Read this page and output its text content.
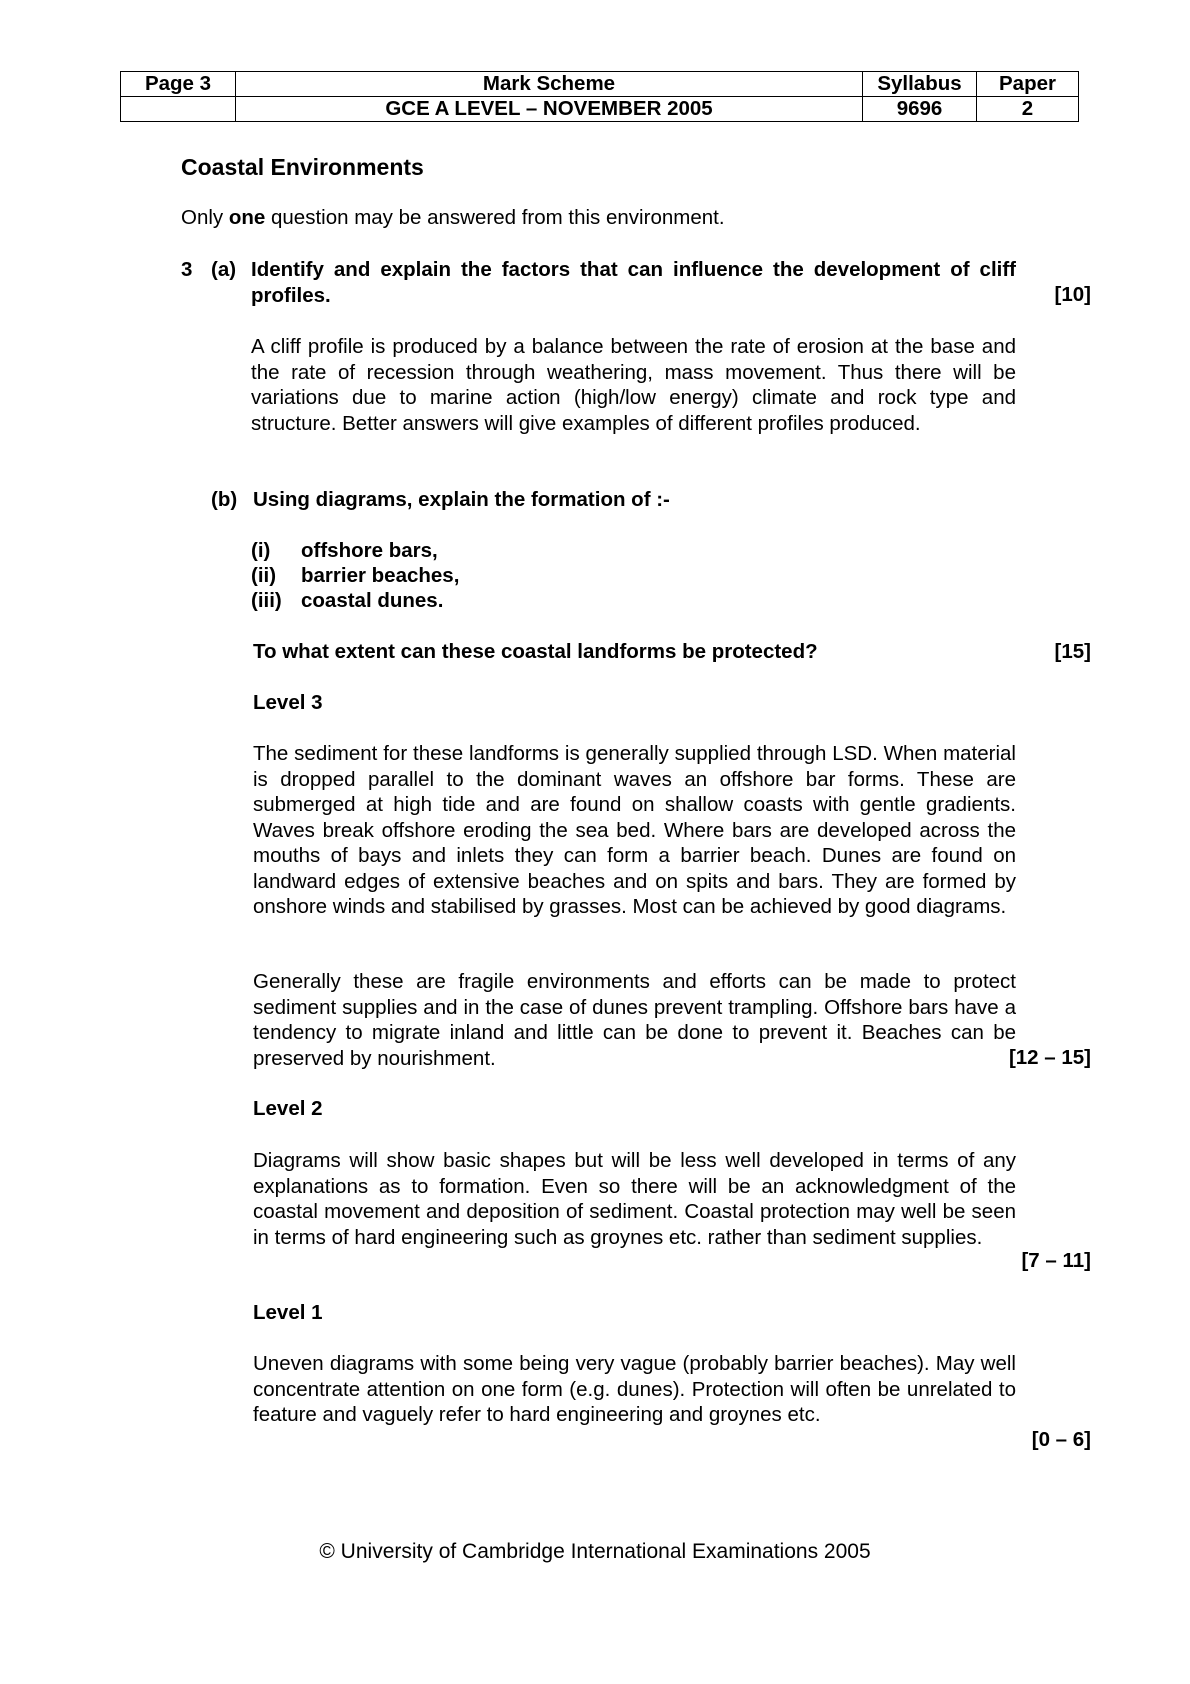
Page 3	Mark Scheme	Syllabus	Paper
	GCE A LEVEL – NOVEMBER 2005	9696	2
Coastal Environments
Only one question may be answered from this environment.
3 (a) Identify and explain the factors that can influence the development of cliff profiles.	[10]
A cliff profile is produced by a balance between the rate of erosion at the base and the rate of recession through weathering, mass movement. Thus there will be variations due to marine action (high/low energy) climate and rock type and structure. Better answers will give examples of different profiles produced.
(b) Using diagrams, explain the formation of :-
(i) offshore bars,
(ii) barrier beaches,
(iii) coastal dunes.
To what extent can these coastal landforms be protected?	[15]
Level 3
The sediment for these landforms is generally supplied through LSD. When material is dropped parallel to the dominant waves an offshore bar forms. These are submerged at high tide and are found on shallow coasts with gentle gradients. Waves break offshore eroding the sea bed. Where bars are developed across the mouths of bays and inlets they can form a barrier beach. Dunes are found on landward edges of extensive beaches and on spits and bars. They are formed by onshore winds and stabilised by grasses. Most can be achieved by good diagrams.
Generally these are fragile environments and efforts can be made to protect sediment supplies and in the case of dunes prevent trampling. Offshore bars have a tendency to migrate inland and little can be done to prevent it. Beaches can be preserved by nourishment.	[12 – 15]
Level 2
Diagrams will show basic shapes but will be less well developed in terms of any explanations as to formation. Even so there will be an acknowledgment of the coastal movement and deposition of sediment. Coastal protection may well be seen in terms of hard engineering such as groynes etc. rather than sediment supplies.
[7 – 11]
Level 1
Uneven diagrams with some being very vague (probably barrier beaches). May well concentrate attention on one form (e.g. dunes). Protection will often be unrelated to feature and vaguely refer to hard engineering and groynes etc.
[0 – 6]
© University of Cambridge International Examinations 2005
